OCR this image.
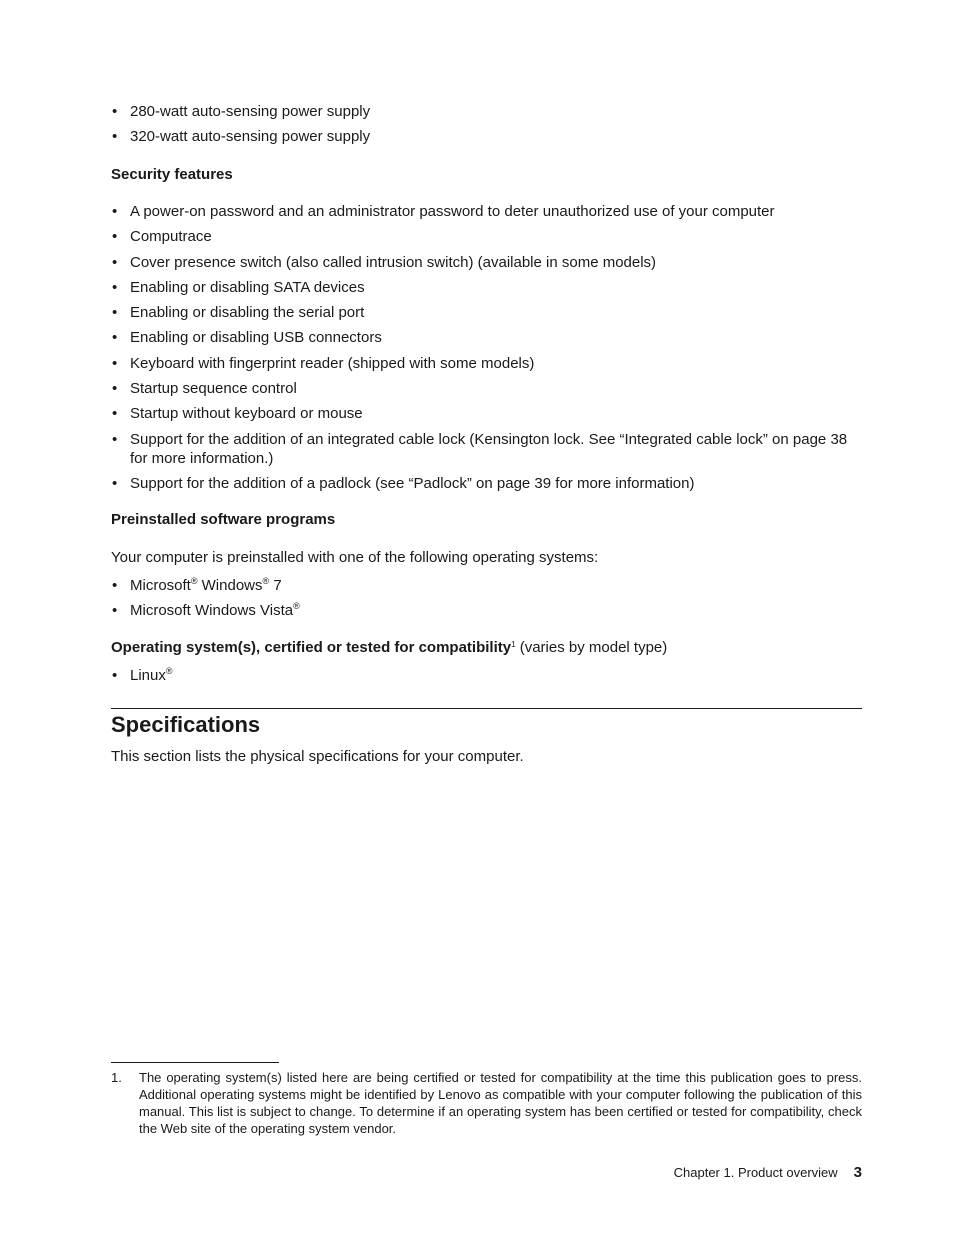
• 280-watt auto-sensing power supply
• 320-watt auto-sensing power supply
Security features
• A power-on password and an administrator password to deter unauthorized use of your computer
• Computrace
• Cover presence switch (also called intrusion switch) (available in some models)
• Enabling or disabling SATA devices
• Enabling or disabling the serial port
• Enabling or disabling USB connectors
• Keyboard with fingerprint reader (shipped with some models)
• Startup sequence control
• Startup without keyboard or mouse
• Support for the addition of an integrated cable lock (Kensington lock. See “Integrated cable lock” on page 38 for more information.)
• Support for the addition of a padlock (see “Padlock” on page 39 for more information)
Preinstalled software programs
Your computer is preinstalled with one of the following operating systems:
• Microsoft® Windows® 7
• Microsoft Windows Vista®
Operating system(s), certified or tested for compatibility$^1$ (varies by model type)
• Linux®
Specifications
This section lists the physical specifications for your computer.
1. The operating system(s) listed here are being certified or tested for compatibility at the time this publication goes to press. Additional operating systems might be identified by Lenovo as compatible with your computer following the publication of this manual. This list is subject to change. To determine if an operating system has been certified or tested for compatibility, check the Web site of the operating system vendor.
Chapter 1. Product overview 3
